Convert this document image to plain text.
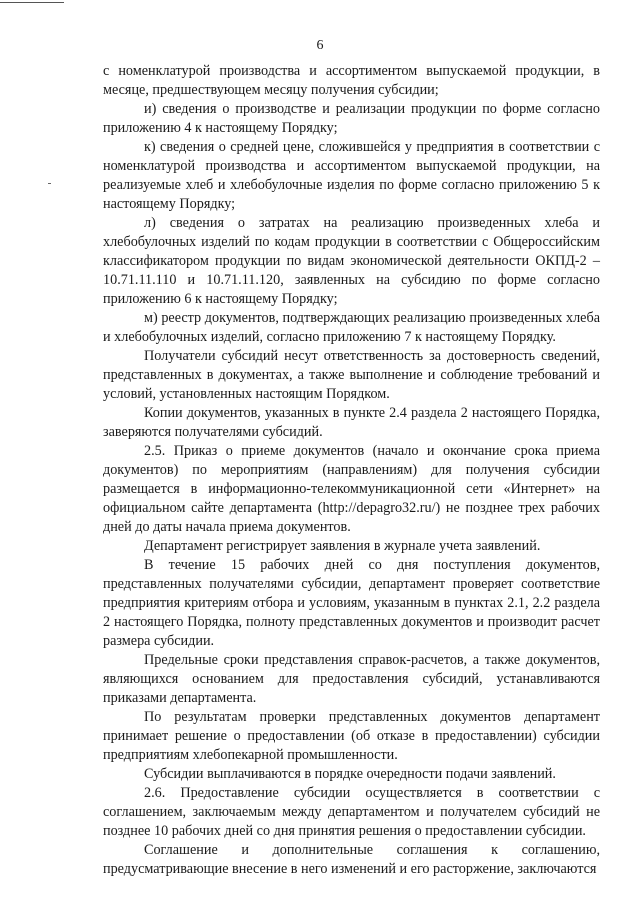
6

с номенклатурой производства и ассортиментом выпускаемой продукции, в месяце, предшествующем месяцу получения субсидии;

и) сведения о производстве и реализации продукции по форме согласно приложению 4 к настоящему Порядку;

к) сведения о средней цене, сложившейся у предприятия в соответствии с номенклатурой производства и ассортиментом выпускаемой продукции, на реализуемые хлеб и хлебобулочные изделия по форме согласно приложению 5 к настоящему Порядку;

л) сведения о затратах на реализацию произведенных хлеба и хлебобулочных изделий по кодам продукции в соответствии с Общероссийским классификатором продукции по видам экономической деятельности ОКПД-2 – 10.71.11.110 и 10.71.11.120, заявленных на субсидию по форме согласно приложению 6 к настоящему Порядку;

м) реестр документов, подтверждающих реализацию произведенных хлеба и хлебобулочных изделий, согласно приложению 7 к настоящему Порядку.

Получатели субсидий несут ответственность за достоверность сведений, представленных в документах, а также выполнение и соблюдение требований и условий, установленных настоящим Порядком.

Копии документов, указанных в пункте 2.4 раздела 2 настоящего Порядка, заверяются получателями субсидий.

2.5. Приказ о приеме документов (начало и окончание срока приема документов) по мероприятиям (направлениям) для получения субсидии размещается в информационно-телекоммуникационной сети «Интернет» на официальном сайте департамента (http://depagro32.ru/) не позднее трех рабочих дней до даты начала приема документов.

Департамент регистрирует заявления в журнале учета заявлений.

В течение 15 рабочих дней со дня поступления документов, представленных получателями субсидии, департамент проверяет соответствие предприятия критериям отбора и условиям, указанным в пунктах 2.1, 2.2 раздела 2 настоящего Порядка, полноту представленных документов и производит расчет размера субсидии.

Предельные сроки представления справок-расчетов, а также документов, являющихся основанием для предоставления субсидий, устанавливаются приказами департамента.

По результатам проверки представленных документов департамент принимает решение о предоставлении (об отказе в предоставлении) субсидии предприятиям хлебопекарной промышленности.

Субсидии выплачиваются в порядке очередности подачи заявлений.

2.6. Предоставление субсидии осуществляется в соответствии с соглашением, заключаемым между департаментом и получателем субсидий не позднее 10 рабочих дней со дня принятия решения о предоставлении субсидии.

Соглашение и дополнительные соглашения к соглашению, предусматривающие внесение в него изменений и его расторжение, заключаются
